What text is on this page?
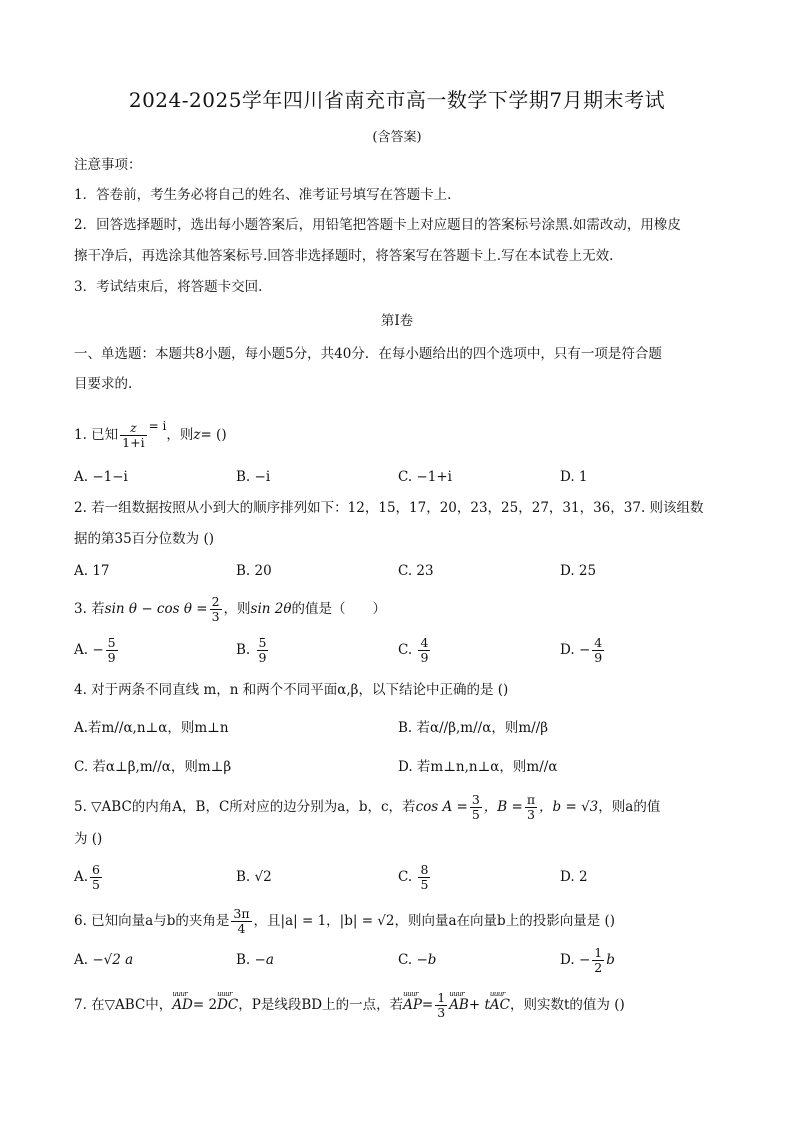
2024-2025学年四川省南充市高一数学下学期7月期末考试
(含答案)
注意事项：
1．答卷前，考生务必将自己的姓名、准考证号填写在答题卡上.
2．回答选择题时，选出每小题答案后，用铅笔把答题卡上对应题目的答案标号涂黑.如需改动，用橡皮
擦干净后，再选涂其他答案标号.回答非选择题时，将答案写在答题卡上.写在本试卷上无效.
3．考试结束后，将答题卡交回.
第Ⅰ卷
一、单选题：本题共8小题，每小题5分，共40分．在每小题给出的四个选项中，只有一项是符合题
目要求的.
1. 已知 $\frac{z}{1+i} = i$，则z= ()
A. −1−i	B. −i	C. −1+i	D. 1
2. 若一组数据按照从小到大的顺序排列如下：12，15，17，20，23，25，27，31，36，37. 则该组数
据的第35百分位数为 ()
A. 17	B. 20	C. 23	D. 25
3. 若$\sin \theta - \cos \theta = \frac{2}{3}$ ，则sin 2θ的值是（　　）
A. − $\frac{5}{9}$	B. $\frac{5}{9}$	C. $\frac{4}{9}$	D. − $\frac{4}{9}$
4. 对于两条不同直线 m，n 和两个不同平面α,β，以下结论中正确的是 ()
A.若m//α,n⊥α，则m⊥n	B. 若α//β,m//α，则m//β
C. 若α⊥β,m//α，则m⊥β	D. 若m⊥n,n⊥α，则m//α
5. ▽ABC的内角A，B，C所对应的边分别为a，b，c，若$\cos A = \frac{3}{5}$ ，$B = \frac{\pi}{3}$ ，b = √3，则a的值
为 ()
A. $\frac{6}{5}$	B. √2	C. $\frac{8}{5}$	D. 2
6. 已知向量a与b的夹角是 $\frac{3\pi}{4}$ ，且|a| = 1，|b| = √2，则向量a在向量b上的投影向量是 ()
A. −√2 a	B. −a	C. −b	D. − $\frac{1}{2}$ b
7. 在▽ABC中，uuur AD= 2uuur DC，P是线段BD上的一点，若uuur $AP= \frac{1}{3}$
uuur AB+ tuuur AC，则实数t的值为 ()
